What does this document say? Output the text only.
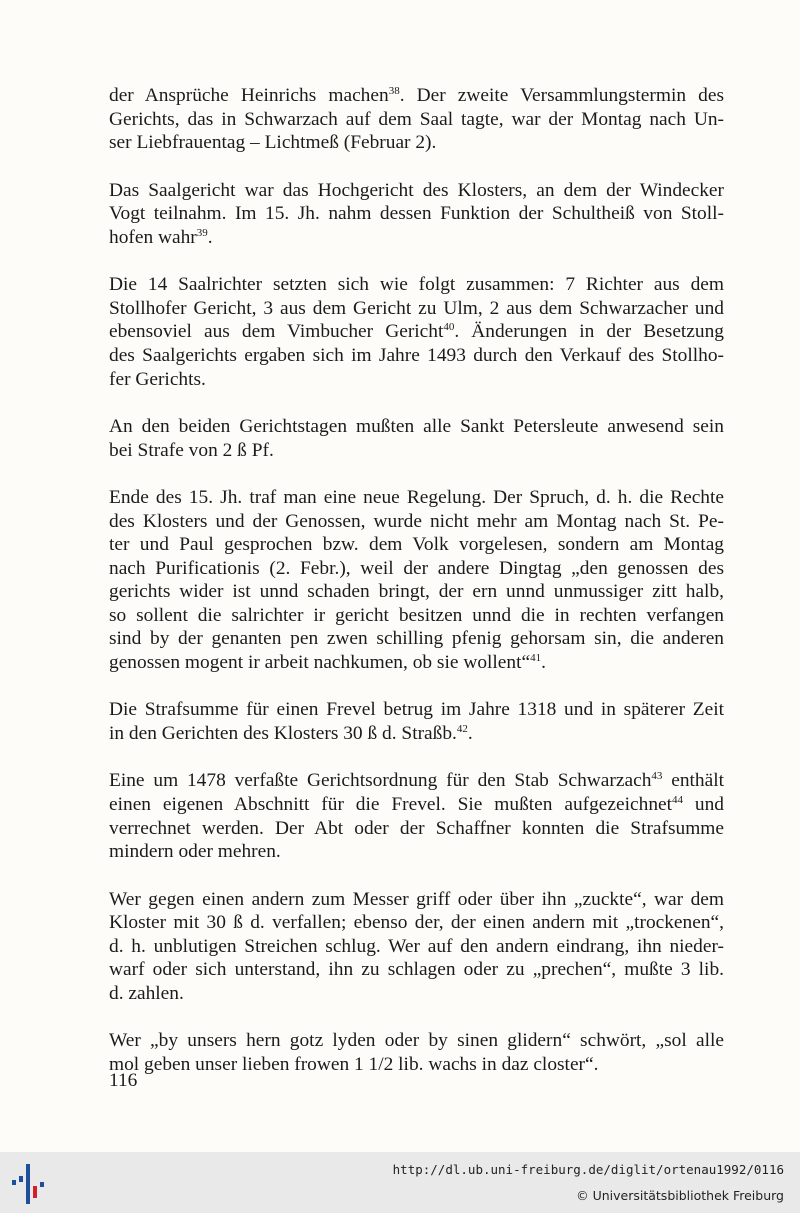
der Ansprüche Heinrichs machen$^{38}$. Der zweite Versammlungstermin des
Gerichts, das in Schwarzach auf dem Saal tagte, war der Montag nach Un-
ser Liebfrauentag – Lichtmeß (Februar 2).

Das Saalgericht war das Hochgericht des Klosters, an dem der Windecker
Vogt teilnahm. Im 15. Jh. nahm dessen Funktion der Schultheiß von Stoll-
hofen wahr$^{39}$.

Die 14 Saalrichter setzten sich wie folgt zusammen: 7 Richter aus dem
Stollhofer Gericht, 3 aus dem Gericht zu Ulm, 2 aus dem Schwarzacher und
ebensoviel aus dem Vimbucher Gericht$^{40}$. Änderungen in der Besetzung
des Saalgerichts ergaben sich im Jahre 1493 durch den Verkauf des Stollho-
fer Gerichts.

An den beiden Gerichtstagen mußten alle Sankt Petersleute anwesend sein
bei Strafe von 2 ß Pf.

Ende des 15. Jh. traf man eine neue Regelung. Der Spruch, d. h. die Rechte
des Klosters und der Genossen, wurde nicht mehr am Montag nach St. Pe-
ter und Paul gesprochen bzw. dem Volk vorgelesen, sondern am Montag
nach Purificationis (2. Febr.), weil der andere Dingtag „den genossen des
gerichts wider ist unnd schaden bringt, der ern unnd unmussiger zitt halb,
so sollent die salrichter ir gericht besitzen unnd die in rechten verfangen
sind by der genanten pen zwen schilling pfenig gehorsam sin, die anderen
genossen mogent ir arbeit nachkumen, ob sie wollent“$^{41}$.

Die Strafsumme für einen Frevel betrug im Jahre 1318 und in späterer Zeit
in den Gerichten des Klosters 30 ß d. Straßb.$^{42}$.

Eine um 1478 verfaßte Gerichtsordnung für den Stab Schwarzach$^{43}$ enthält
einen eigenen Abschnitt für die Frevel. Sie mußten aufgezeichnet$^{44}$ und
verrechnet werden. Der Abt oder der Schaffner konnten die Strafsumme
mindern oder mehren.

Wer gegen einen andern zum Messer griff oder über ihn „zuckte“, war dem
Kloster mit 30 ß d. verfallen; ebenso der, der einen andern mit „trockenen“,
d. h. unblutigen Streichen schlug. Wer auf den andern eindrang, ihn nieder-
warf oder sich unterstand, ihn zu schlagen oder zu „prechen“, mußte 3 lib.
d. zahlen.

Wer „by unsers hern gotz lyden oder by sinen glidern“ schwört, „sol alle
mol geben unser lieben frowen 1 1/2 lib. wachs in daz closter“.

116
http://dl.ub.uni-freiburg.de/diglit/ortenau1992/0116
© Universitätsbibliothek Freiburg
